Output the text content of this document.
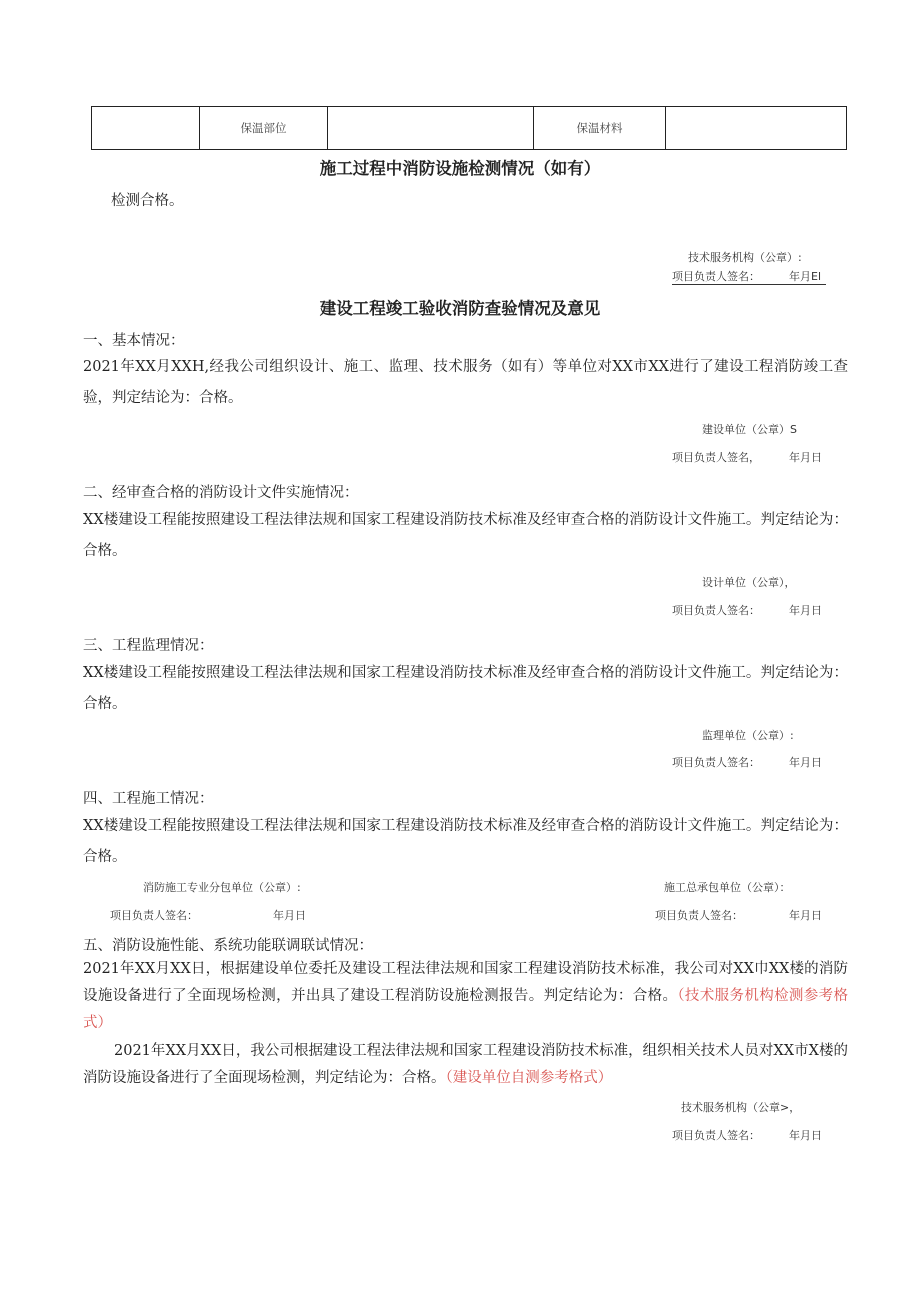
	保温部位		保温材料	
施工过程中消防设施检测情况（如有）
检测合格。
技术服务机构（公章）:
项目负责人签名：	年月El
建设工程竣工验收消防查验情况及意见
一、基本情况：
2021年XX月XXH,经我公司组织设计、施工、监理、技术服务（如有）等单位对XX市XX进行了建设工程消防竣工查验，判定结论为：合格。
建设单位（公章）S
项目负责人签名，	年月日
二、经审查合格的消防设计文件实施情况：
XX楼建设工程能按照建设工程法律法规和国家工程建设消防技术标准及经审查合格的消防设计文件施工。判定结论为：合格。
设计单位（公章），
项目负责人签名：	年月日
三、工程监理情况：
XX楼建设工程能按照建设工程法律法规和国家工程建设消防技术标准及经审查合格的消防设计文件施工。判定结论为：合格。
监理单位（公章）:
项目负责人签名：	年月日
四、工程施工情况：
XX楼建设工程能按照建设工程法律法规和国家工程建设消防技术标准及经审查合格的消防设计文件施工。判定结论为：合格。
消防施工专业分包单位（公章）:	施工总承包单位（公章）：
项目负责人签名：	年月日	项目负责人签名：	年月日
五、消防设施性能、系统功能联调联试情况：
2021年XX月XX日，根据建设单位委托及建设工程法律法规和国家工程建设消防技术标准，我公司对XX巾XX楼的消防设施设备进行了全面现场检测，并出具了建设工程消防设施检测报告。判定结论为：合格。（技术服务机构检测参考格式）
2021年XX月XX日，我公司根据建设工程法律法规和国家工程建设消防技术标准，组织相关技术人员对XX市X楼的消防设施设备进行了全面现场检测，判定结论为：合格。（建设单位自测参考格式）
技术服务机构（公章>，
项目负责人签名：	年月日
